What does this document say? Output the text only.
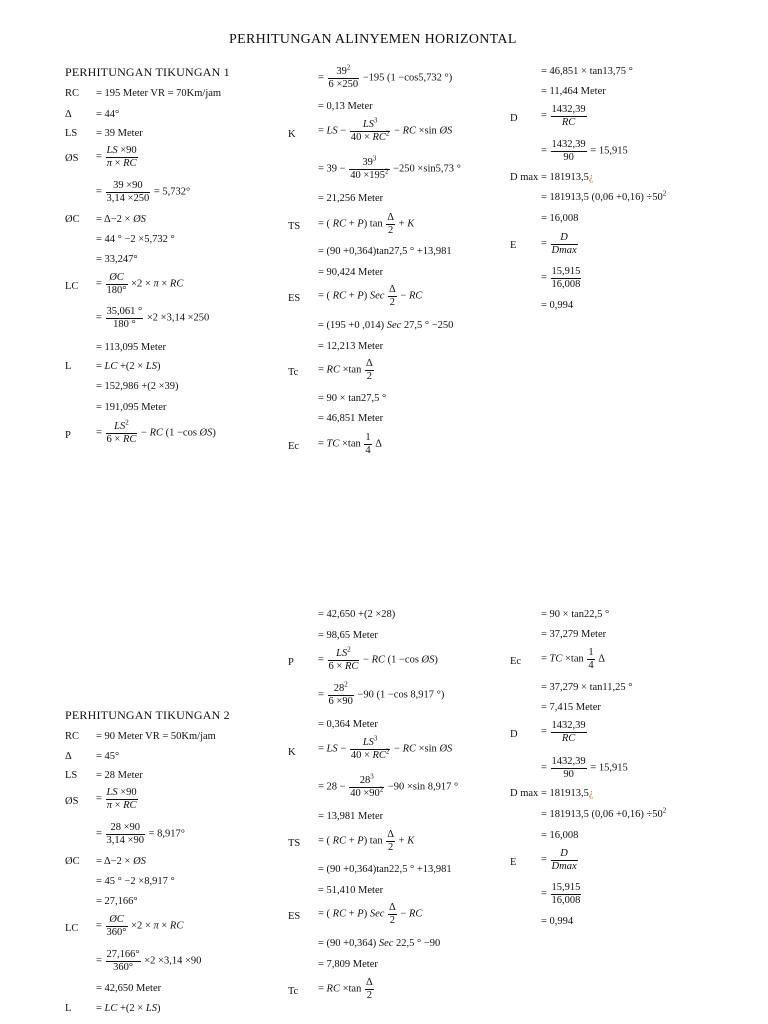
PERHITUNGAN ALINYEMEN HORIZONTAL
PERHITUNGAN TIKUNGAN 1
RC = 195 Meter VR = 70Km/jam
Δ = 44°
LS = 39 Meter
ØS = $\frac{LS \times 90}{\pi \times RC}$
= $\frac{39 \times 90}{3,14 \times 250} = 5,732^\circ$
ØC = Δ−2 × ØS
= 44 ° −2 ×5,732 °
= 33,247°
LC = $\frac{ØC}{180^\circ} \times 2 \times \pi$ × RC
= $\frac{35,061 ^\circ}{180 ^\circ} \times 2 \times 3,14 \times 250$
= 113,095 Meter
L = LC +(2 × LS)
= 152,986 +(2 ×39)
= 191,095 Meter
$P = \frac{LS^2}{6 \times RC}$ − RC (1 −cos ØS)
= $\frac{39^2}{6 \times 250} -195$ (1 −cos5,732 °)
= 0,13 Meter
K = LS − $\frac{LS^3}{40 \times RC^2}$ − RC ×sin ØS
= $39 - \frac{39^3}{40 \times 195^2} -250 \times\sin 5,73$ °
= 21,256 Meter
TS = ( RC + P) $\tan \frac{\Delta}{2} + K$
= (90 +0,364)tan27,5 ° +13,981
= 90,424 Meter
ES = ( RC + P) Sec $\frac{\Delta}{2}$ − RC
= (195 +0 ,014) Sec 27,5 ° −250
= 12,213 Meter
Tc = RC $\times\tan \frac{\Delta}{2}$
= 90 × tan27,5 °
= 46,851 Meter
Ec = TC $\times\tan \frac{1}{4}$ Δ
= 46,851 × tan13,75 °
= 11,464 Meter
$D = \frac{1432,39}{RC}$
= $\frac{1432,39}{90} = 15,915$
D max = 181913,5¿
= 181913,5 $(0,06 +0,16) \div 50^2$
= 16,008
$E = \frac{D}{Dmax}$
= $\frac{15,915}{16,008}$
= 0,994
PERHITUNGAN TIKUNGAN 2
RC = 90 Meter VR = 50Km/jam
Δ = 45°
LS = 28 Meter
ØS = $\frac{LS \times 90}{\pi \times RC}$
= $\frac{28 \times 90}{3,14 \times 90} = 8,917^\circ$
ØC = Δ−2 × ØS
= 45 ° −2 ×8,917 °
= 27,166°
LC = $\frac{ØC}{360^\circ} \times 2 \times \pi$ × RC
= $\frac{27,166^\circ}{360^\circ} \times 2 \times 3,14 \times 90$
= 42,650 Meter
L = LC +(2 × LS)
= 42,650 +(2 ×28)
= 98,65 Meter
$P = \frac{LS^2}{6 \times RC}$ − RC (1 −cos ØS)
= $\frac{28^2}{6 \times 90} -90$ (1 −cos 8,917 °)
= 0,364 Meter
K = LS − $\frac{LS^3}{40 \times RC^2}$ − RC ×sin ØS
= $28 - \frac{28^3}{40 \times 90^2} -90 \times\sin$ 8,917 °
= 13,981 Meter
TS = ( RC + P) $\tan \frac{\Delta}{2} + K$
= (90 +0,364)tan22,5 ° +13,981
= 51,410 Meter
ES = ( RC + P) Sec $\frac{\Delta}{2}$ − RC
= (90 +0,364) Sec 22,5 ° −90
= 7,809 Meter
Tc = RC $\times\tan \frac{\Delta}{2}$
= 90 × tan22,5 °
= 37,279 Meter
Ec = TC $\times\tan \frac{1}{4}$ Δ
= 37,279 × tan11,25 °
= 7,415 Meter
$D = \frac{1432,39}{RC}$
= $\frac{1432,39}{90} = 15,915$
D max = 181913,5¿
= 181913,5 $(0,06 +0,16) \div 50^2$
= 16,008
$E = \frac{D}{Dmax}$
= $\frac{15,915}{16,008}$
= 0,994
